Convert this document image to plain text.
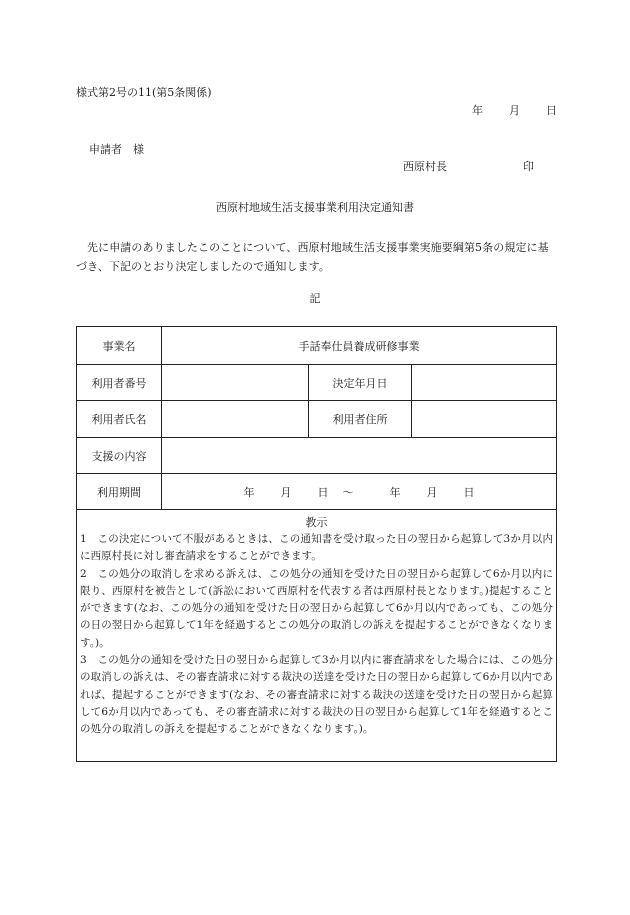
様式第2号の11(第5条関係)
年 月 日
申請者　様
西原村長	印
西原村地域生活支援事業利用決定通知書
先に申請のありましたこのことについて、西原村地域生活支援事業実施要綱第5条の規定に基づき、下記のとおり決定しましたので通知します。
記
事業名	手話奉仕員養成研修事業
利用者番号	決定年月日
利用者氏名	利用者住所
支援の内容
利用期間	年 月 日 ～	年 月 日
教示

1　この決定について不服があるときは、この通知書を受け取った日の翌日から起算して3か月以内に西原村長に対し審査請求をすることができます。

2　この処分の取消しを求める訴えは、この処分の通知を受けた日の翌日から起算して6か月以内に限り、西原村を被告として(訴訟において西原村を代表する者は西原村長となります。)提起することができます(なお、この処分の通知を受けた日の翌日から起算して6か月以内であっても、この処分の日の翌日から起算して1年を経過するとこの処分の取消しの訴えを提起することができなくなります。)。

3　この処分の通知を受けた日の翌日から起算して3か月以内に審査請求をした場合には、この処分の取消しの訴えは、その審査請求に対する裁決の送達を受けた日の翌日から起算して6か月以内であれば、提起することができます(なお、その審査請求に対する裁決の送達を受けた日の翌日から起算して6か月以内であっても、その審査請求に対する裁決の日の翌日から起算して1年を経過するとこの処分の取消しの訴えを提起することができなくなります。)。
